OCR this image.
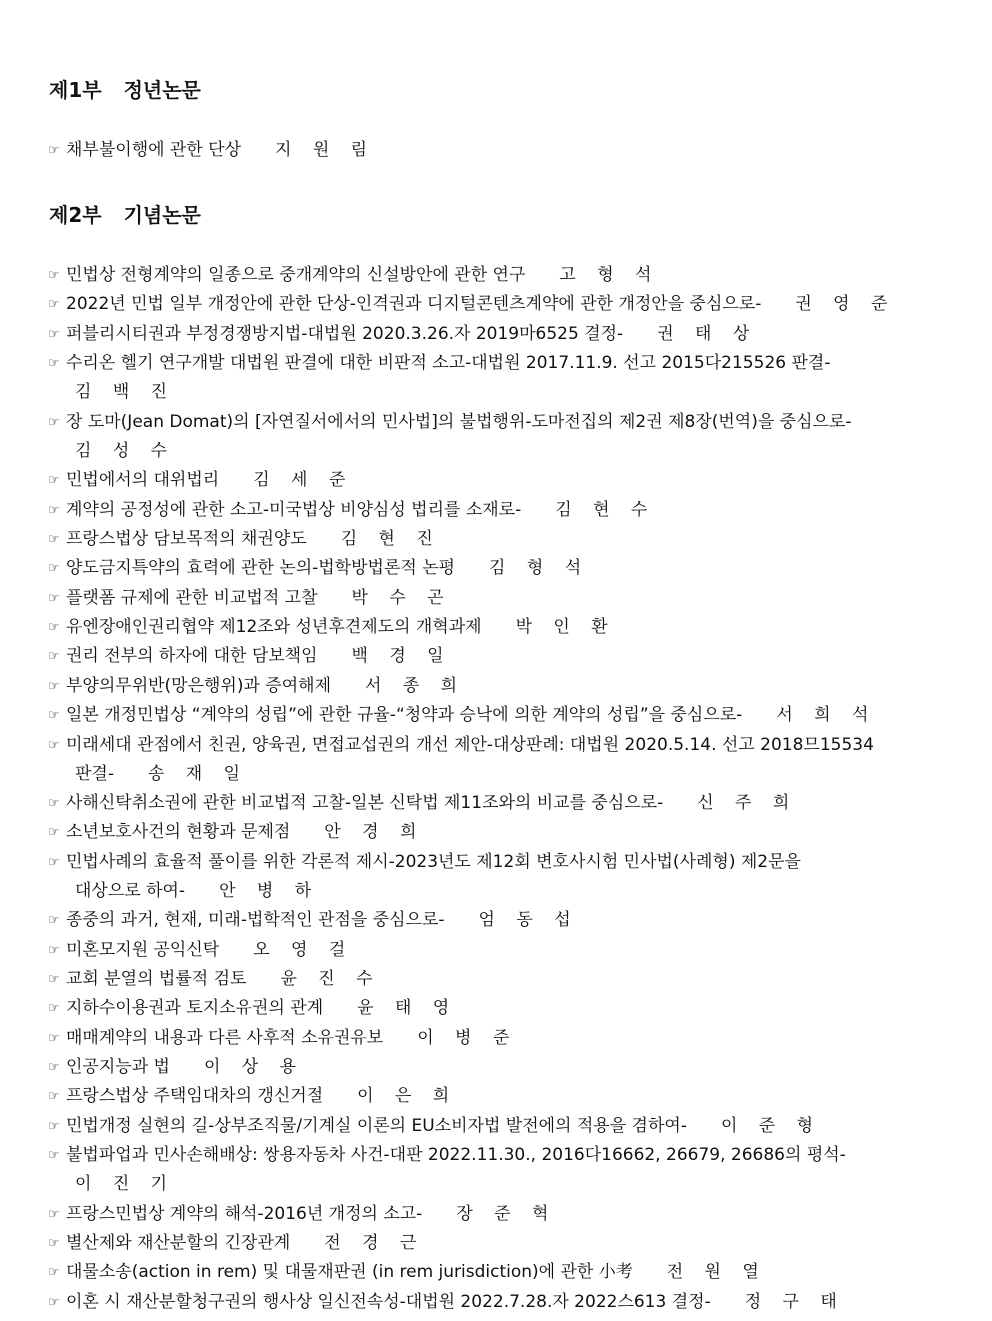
제1부 정년논문

☞ 채부불이행에 관한 단상 지 원 림

제2부 기념논문

☞ 민법상 전형계약의 일종으로 중개계약의 신설방안에 관한 연구 고 형 석

☞ 2022년 민법 일부 개정안에 관한 단상-인격권과 디지털콘텐츠계약에 관한 개정안을 중심으로- 권 영 준

☞ 퍼블리시티권과 부정경쟁방지법-대법원 2020.3.26.자 2019마6525 결정- 권 태 상

☞ 수리온 헬기 연구개발 대법원 판결에 대한 비판적 소고-대법원 2017.11.9. 선고 2015다215526 판결-

김 백 진

☞ 장 도마(Jean Domat)의 [자연질서에서의 민사법]의 불법행위-도마전집의 제2권 제8장(번역)을 중심으로-

김 성 수

☞ 민법에서의 대위법리 김 세 준

☞ 계약의 공정성에 관한 소고-미국법상 비양심성 법리를 소재로- 김 현 수

☞ 프랑스법상 담보목적의 채권양도 김 현 진

☞ 양도금지특약의 효력에 관한 논의-법학방법론적 논평 김 형 석

☞ 플랫폼 규제에 관한 비교법적 고찰 박 수 곤

☞ 유엔장애인권리협약 제12조와 성년후견제도의 개혁과제 박 인 환

☞ 권리 전부의 하자에 대한 담보책임 백 경 일

☞ 부양의무위반(망은행위)과 증여해제 서 종 희

☞ 일본 개정민법상 “계약의 성립”에 관한 규율-“청약과 승낙에 의한 계약의 성립”을 중심으로- 서 희 석

☞ 미래세대 관점에서 친권, 양육권, 면접교섭권의 개선 제안-대상판례: 대법원 2020.5.14. 선고 2018므15534

판결- 송 재 일

☞ 사해신탁취소권에 관한 비교법적 고찰-일본 신탁법 제11조와의 비교를 중심으로- 신 주 희

☞ 소년보호사건의 현황과 문제점 안 경 희

☞ 민법사례의 효율적 풀이를 위한 각론적 제시-2023년도 제12회 변호사시험 민사법(사례형) 제2문을

대상으로 하여- 안 병 하

☞ 종중의 과거, 현재, 미래-법학적인 관점을 중심으로- 엄 동 섭

☞ 미혼모지원 공익신탁 오 영 걸

☞ 교회 분열의 법률적 검토 윤 진 수

☞ 지하수이용권과 토지소유권의 관계 윤 태 영

☞ 매매계약의 내용과 다른 사후적 소유권유보 이 병 준

☞ 인공지능과 법 이 상 용

☞ 프랑스법상 주택임대차의 갱신거절 이 은 희

☞ 민법개정 실현의 길-상부조직물/기계실 이론의 EU소비자법 발전에의 적용을 겸하여- 이 준 형

☞ 불법파업과 민사손해배상: 쌍용자동차 사건-대판 2022.11.30., 2016다16662, 26679, 26686의 평석-

이 진 기

☞ 프랑스민법상 계약의 해석-2016년 개정의 소고- 장 준 혁

☞ 별산제와 재산분할의 긴장관계 전 경 근

☞ 대물소송(action in rem) 및 대물재판권 (in rem jurisdiction)에 관한 小考 전 원 열

☞ 이혼 시 재산분할청구권의 행사상 일신전속성-대법원 2022.7.28.자 2022스613 결정- 정 구 태
